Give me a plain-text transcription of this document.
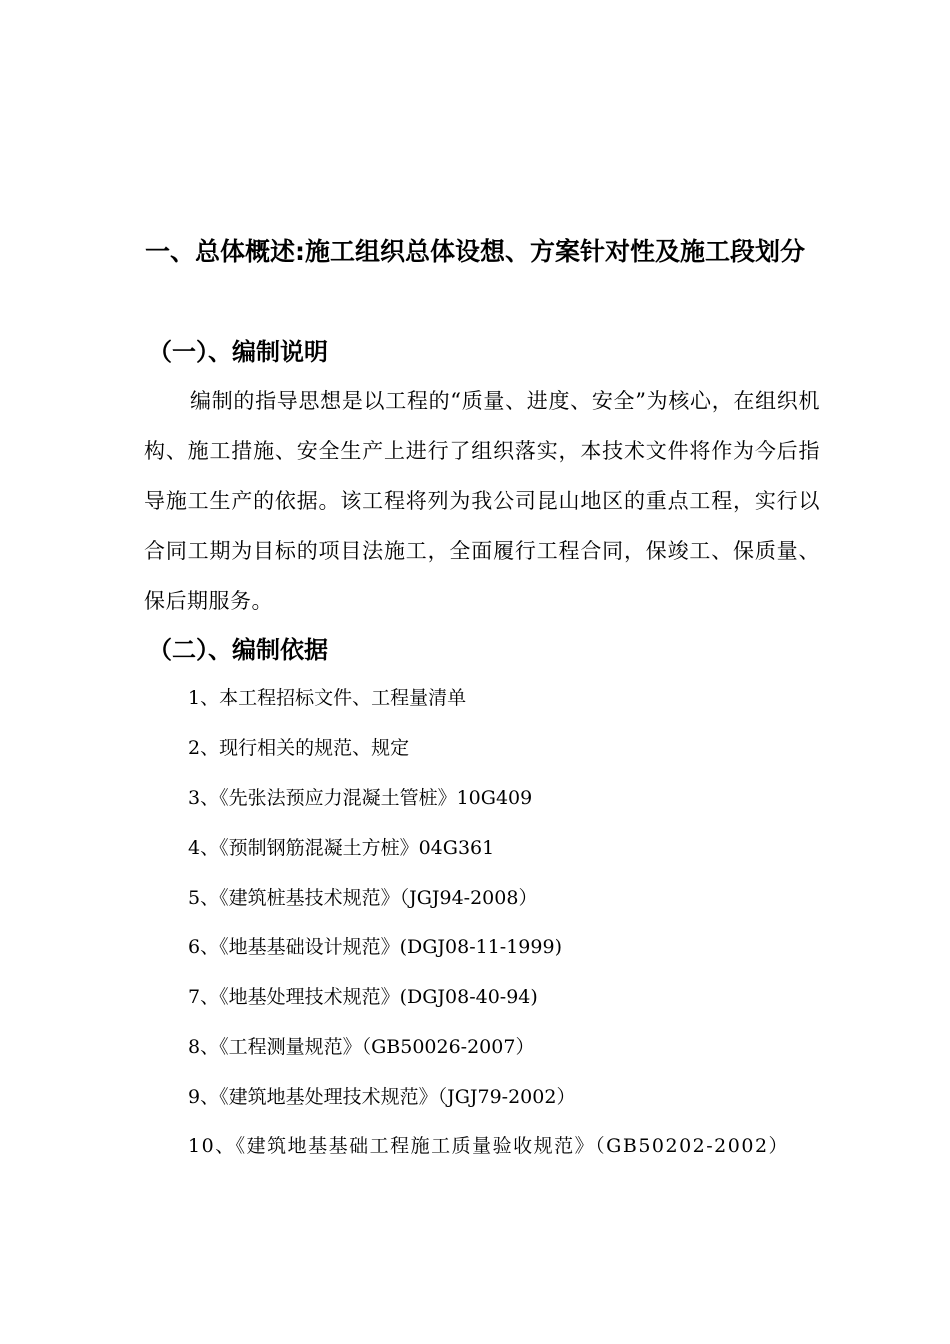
一、总体概述:施工组织总体设想、方案针对性及施工段划分
（一）、编制说明

编制的指导思想是以工程的“质量、进度、安全”为核心，在组织机构、施工措施、安全生产上进行了组织落实，本技术文件将作为今后指导施工生产的依据。该工程将列为我公司昆山地区的重点工程，实行以合同工期为目标的项目法施工，全面履行工程合同，保竣工、保质量、保后期服务。

（二）、编制依据

1、本工程招标文件、工程量清单

2、现行相关的规范、规定

3、《先张法预应力混凝土管桩》10G409

4、《预制钢筋混凝土方桩》04G361

5、《建筑桩基技术规范》（JGJ94-2008）

6、《地基基础设计规范》(DGJ08-11-1999)

7、《地基处理技术规范》(DGJ08-40-94)

8、《工程测量规范》（GB50026-2007）

9、《建筑地基处理技术规范》（JGJ79-2002）

10、《建筑地基基础工程施工质量验收规范》（GB50202-2002）
